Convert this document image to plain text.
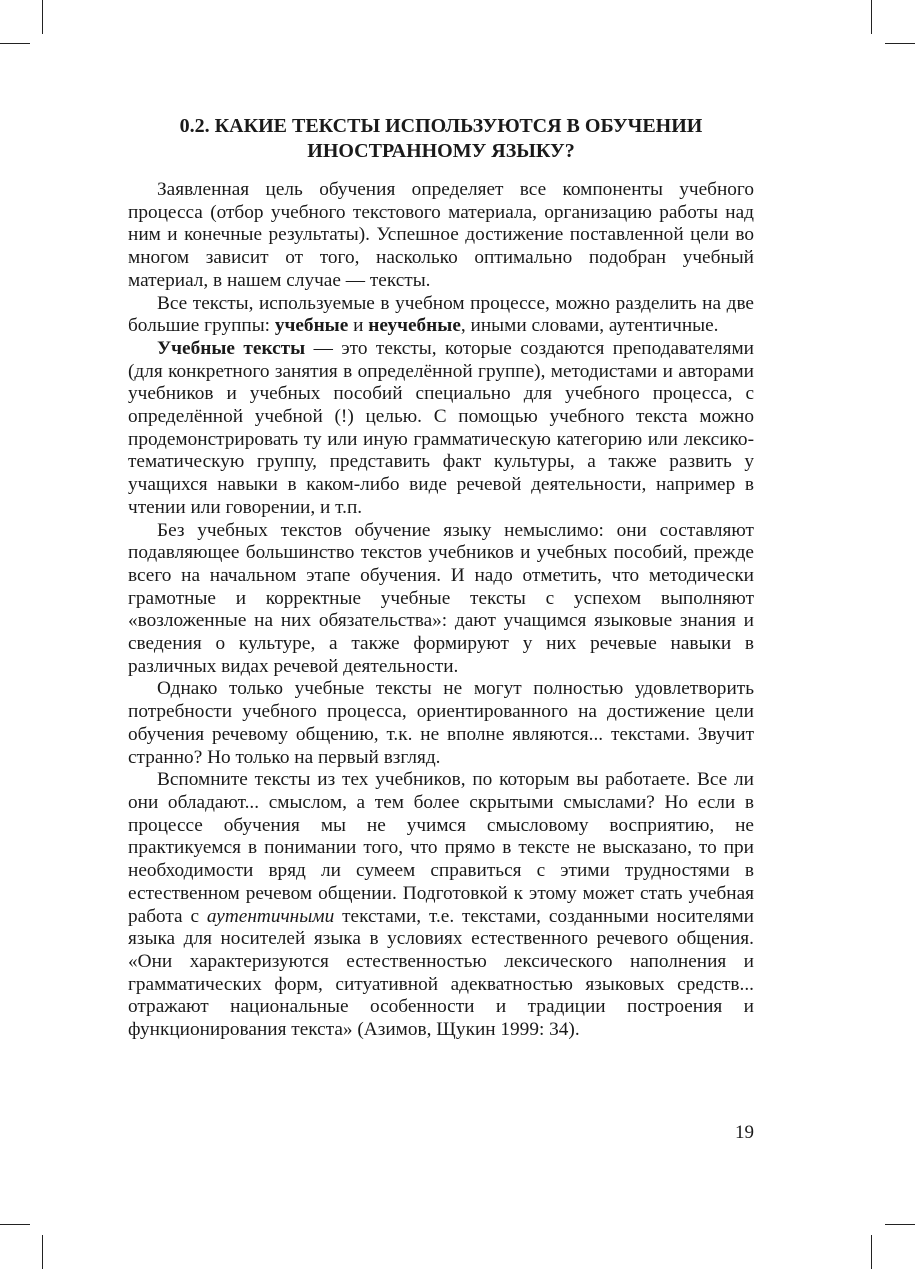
0.2. КАКИЕ ТЕКСТЫ ИСПОЛЬЗУЮТСЯ В ОБУЧЕНИИ
ИНОСТРАННОМУ ЯЗЫКУ?

Заявленная цель обучения определяет все компоненты учебного процесса (отбор учебного текстового материала, организацию работы над ним и конечные результаты). Успешное достижение поставленной цели во многом зависит от того, насколько оптимально подобран учебный материал, в нашем случае — тексты.

Все тексты, используемые в учебном процессе, можно разделить на две большие группы: учебные и неучебные, иными словами, аутентичные.

Учебные тексты — это тексты, которые создаются преподавателями (для конкретного занятия в определённой группе), методистами и авторами учебников и учебных пособий специально для учебного процесса, с определённой учебной (!) целью. С помощью учебного текста можно продемонстрировать ту или иную грамматическую категорию или лексико-тематическую группу, представить факт культуры, а также развить у учащихся навыки в каком-либо виде речевой деятельности, например в чтении или говорении, и т.п.

Без учебных текстов обучение языку немыслимо: они составляют подавляющее большинство текстов учебников и учебных пособий, прежде всего на начальном этапе обучения. И надо отметить, что методически грамотные и корректные учебные тексты с успехом выполняют «возложенные на них обязательства»: дают учащимся языковые знания и сведения о культуре, а также формируют у них речевые навыки в различных видах речевой деятельности.

Однако только учебные тексты не могут полностью удовлетворить потребности учебного процесса, ориентированного на достижение цели обучения речевому общению, т.к. не вполне являются... текстами. Звучит странно? Но только на первый взгляд.

Вспомните тексты из тех учебников, по которым вы работаете. Все ли они обладают... смыслом, а тем более скрытыми смыслами? Но если в процессе обучения мы не учимся смысловому восприятию, не практикуемся в понимании того, что прямо в тексте не высказано, то при необходимости вряд ли сумеем справиться с этими трудностями в естественном речевом общении. Подготовкой к этому может стать учебная работа с аутентичными текстами, т.е. текстами, созданными носителями языка для носителей языка в условиях естественного речевого общения. «Они характеризуются естественностью лексического наполнения и грамматических форм, ситуативной адекватностью языковых средств... отражают национальные особенности и традиции построения и функционирования текста» (Азимов, Щукин 1999: 34).

19
